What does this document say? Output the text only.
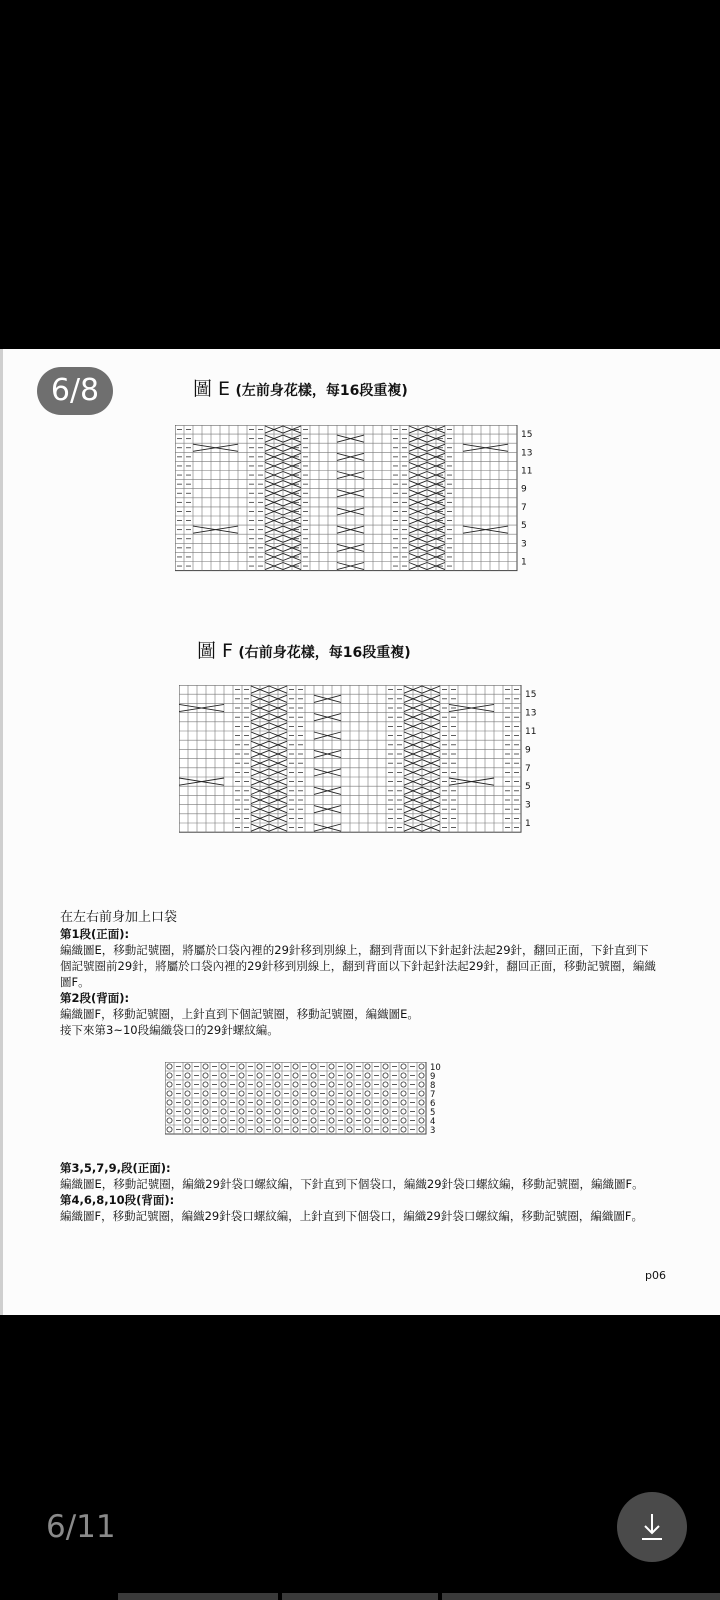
6/8	圖 E (左前身花樣，每16段重複)
15
13
11
9
7
5
3
1
圖 F (右前身花樣，每16段重複)
15
13
11
9
7
5
3
1
在左右前身加上口袋
第1段(正面):
編織圖E，移動記號圈，將屬於口袋內裡的29針移到別線上，翻到背面以下針起針法起29針，翻回正面，下針直到下個記號圈前29針，將屬於口袋內裡的29針移到別線上，翻到背面以下針起針法起29針，翻回正面，移動記號圈，編織圖F。
第2段(背面):
編織圖F，移動記號圈，上針直到下個記號圈，移動記號圈，編織圖E。
接下來第3~10段編織袋口的29針螺紋編。
10
9
8
7
6
5
4
3
第3,5,7,9,段(正面):
編織圖E，移動記號圈，編織29針袋口螺紋編，下針直到下個袋口，編織29針袋口螺紋編，移動記號圈，編織圖F。
第4,6,8,10段(背面):
編織圖F，移動記號圈，編織29針袋口螺紋編，上針直到下個袋口，編織29針袋口螺紋編，移動記號圈，編織圖F。
p06
6/11
